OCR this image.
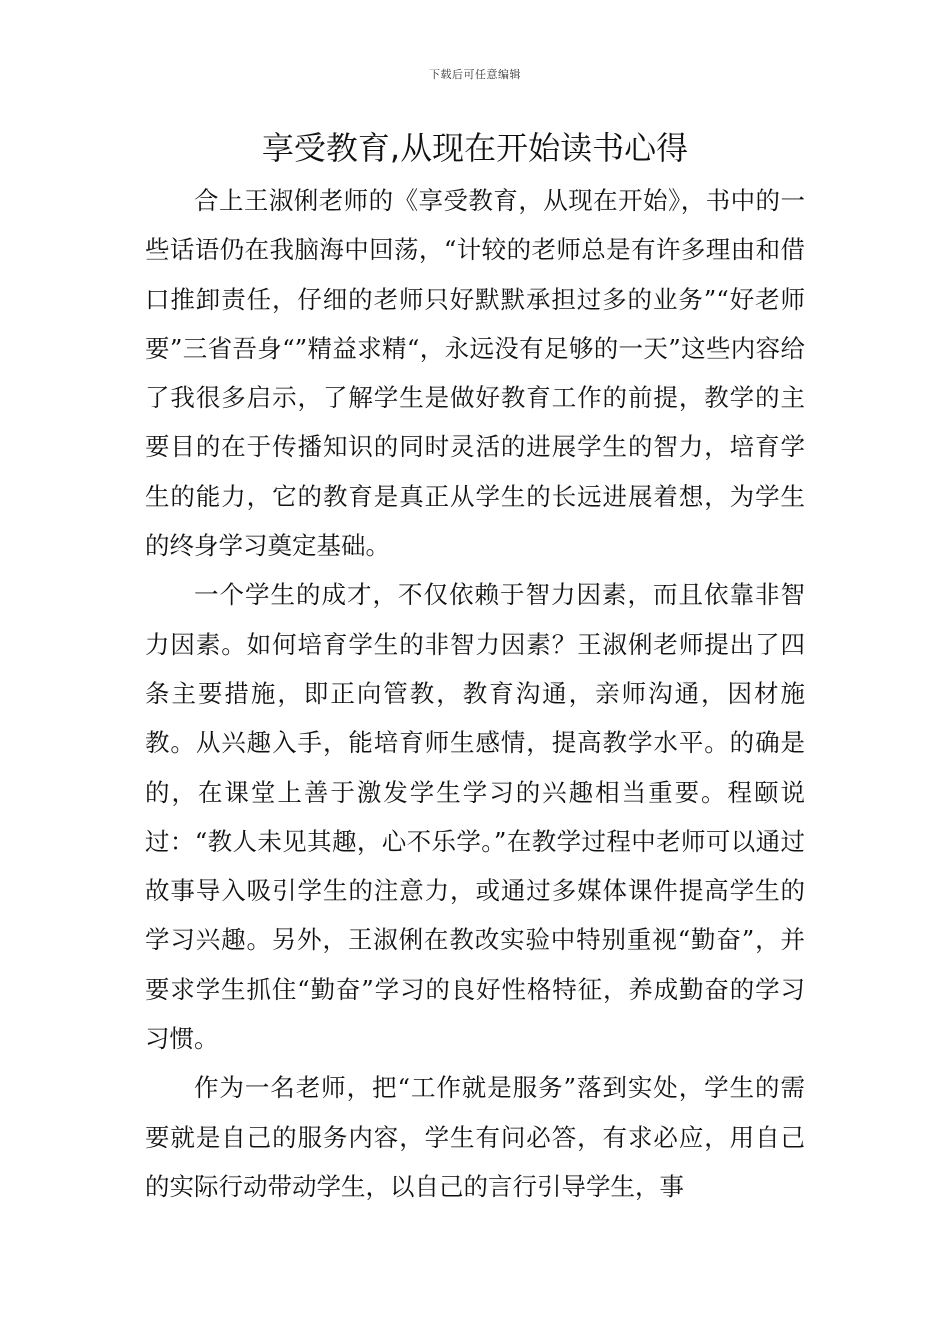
下载后可任意编辑
享受教育,从现在开始读书心得

合上王淑俐老师的《享受教育，从现在开始》，书中的一些话语仍在我脑海中回荡，“计较的老师总是有许多理由和借口推卸责任，仔细的老师只好默默承担过多的业务”“好老师要”三省吾身“”精益求精“，永远没有足够的一天”这些内容给了我很多启示，了解学生是做好教育工作的前提，教学的主要目的在于传播知识的同时灵活的进展学生的智力，培育学生的能力，它的教育是真正从学生的长远进展着想，为学生的终身学习奠定基础。

一个学生的成才，不仅依赖于智力因素，而且依靠非智力因素。如何培育学生的非智力因素？王淑俐老师提出了四条主要措施，即正向管教，教育沟通，亲师沟通，因材施教。从兴趣入手，能培育师生感情，提高教学水平。的确是的，在课堂上善于激发学生学习的兴趣相当重要。程颐说过：“教人未见其趣，心不乐学。”在教学过程中老师可以通过故事导入吸引学生的注意力，或通过多媒体课件提高学生的学习兴趣。另外，王淑俐在教改实验中特别重视“勤奋”，并要求学生抓住“勤奋”学习的良好性格特征，养成勤奋的学习习惯。

作为一名老师，把“工作就是服务”落到实处，学生的需要就是自己的服务内容，学生有问必答，有求必应，用自己的实际行动带动学生，以自己的言行引导学生，事
